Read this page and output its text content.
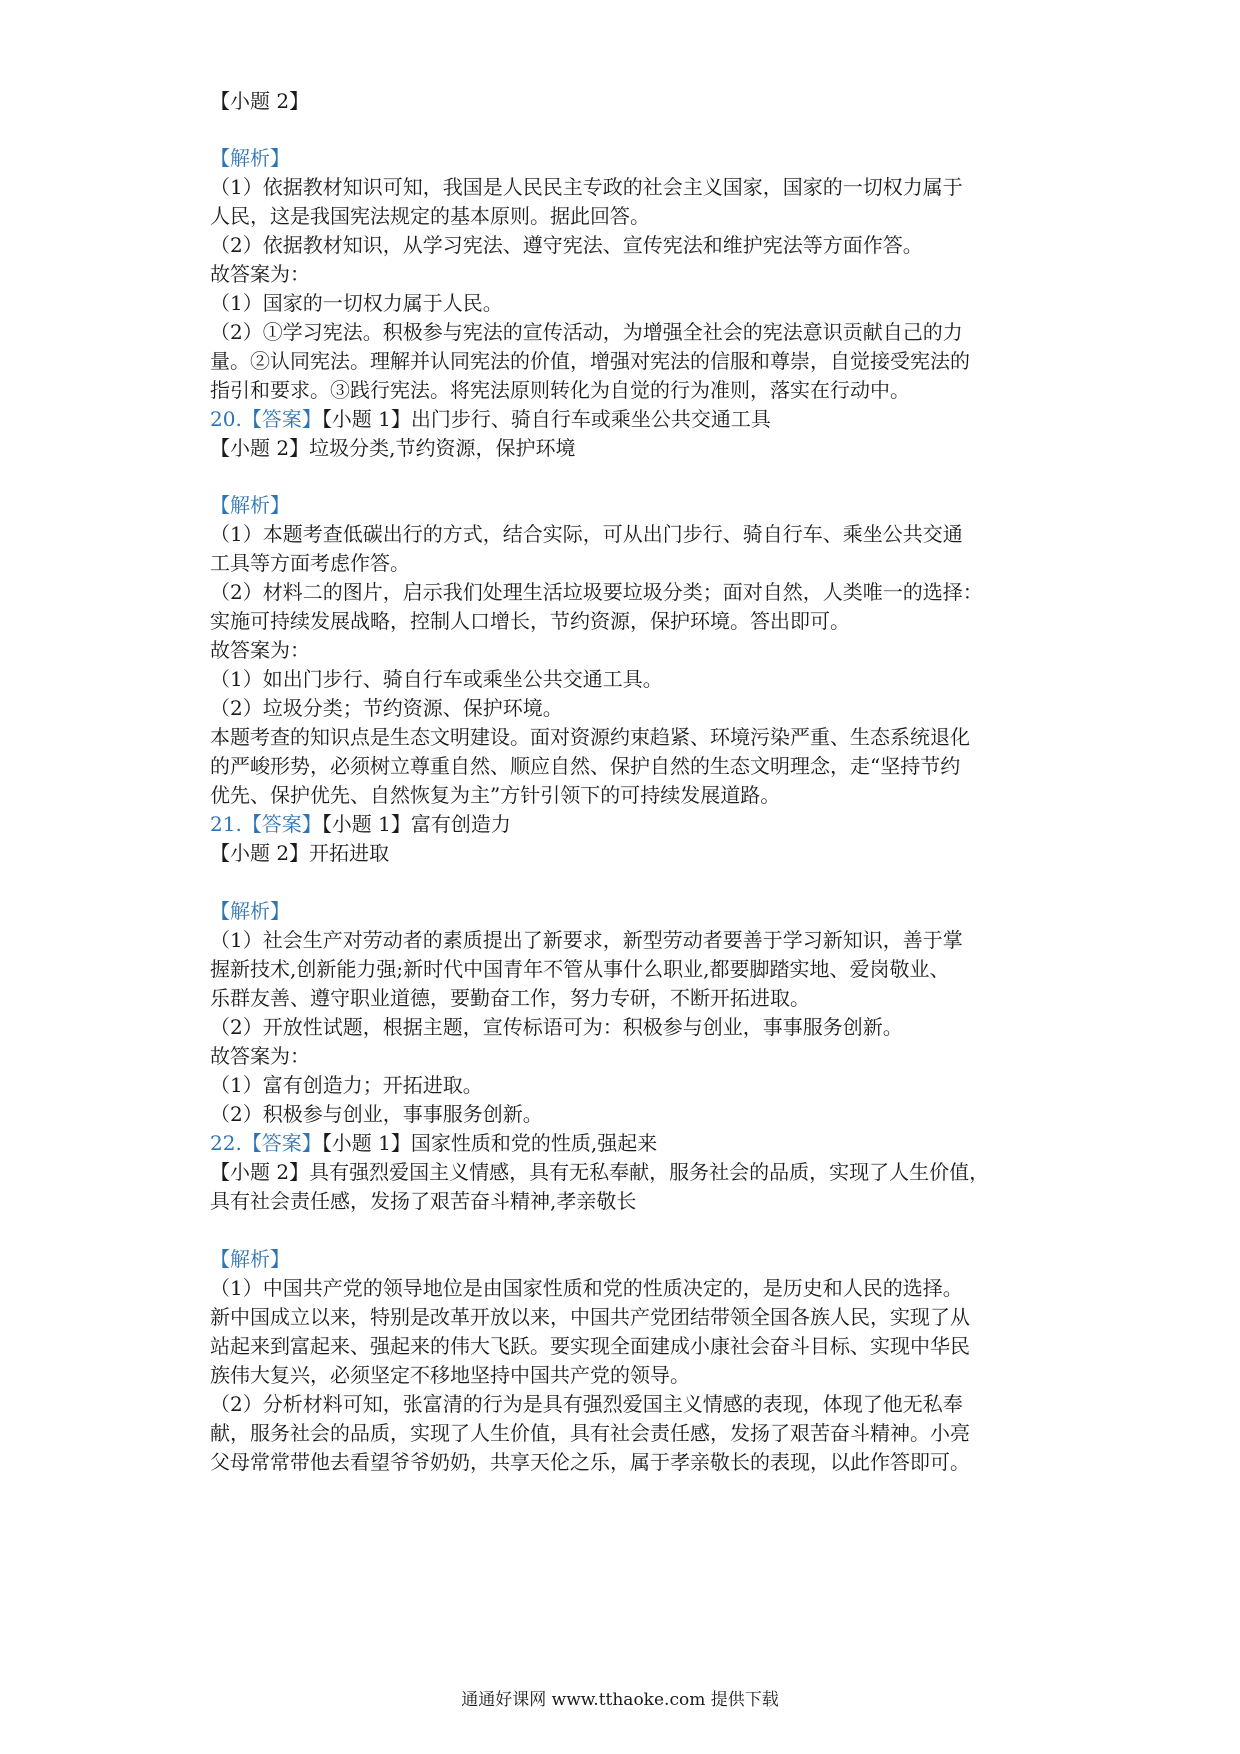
【小题 2】
【解析】
（1）依据教材知识可知，我国是人民民主专政的社会主义国家，国家的一切权力属于
人民，这是我国宪法规定的基本原则。据此回答。
（2）依据教材知识，从学习宪法、遵守宪法、宣传宪法和维护宪法等方面作答。
故答案为：
（1）国家的一切权力属于人民。
（2）①学习宪法。积极参与宪法的宣传活动，为增强全社会的宪法意识贡献自己的力
量。②认同宪法。理解并认同宪法的价值，增强对宪法的信服和尊崇，自觉接受宪法的
指引和要求。③践行宪法。将宪法原则转化为自觉的行为准则，落实在行动中。
20.【答案】【小题 1】出门步行、骑自行车或乘坐公共交通工具
【小题 2】垃圾分类,节约资源，保护环境
【解析】
（1）本题考查低碳出行的方式，结合实际，可从出门步行、骑自行车、乘坐公共交通
工具等方面考虑作答。
（2）材料二的图片，启示我们处理生活垃圾要垃圾分类；面对自然，人类唯一的选择：
实施可持续发展战略，控制人口增长，节约资源，保护环境。答出即可。
故答案为：
（1）如出门步行、骑自行车或乘坐公共交通工具。
（2）垃圾分类；节约资源、保护环境。
本题考查的知识点是生态文明建设。面对资源约束趋紧、环境污染严重、生态系统退化
的严峻形势，必须树立尊重自然、顺应自然、保护自然的生态文明理念，走“坚持节约
优先、保护优先、自然恢复为主”方针引领下的可持续发展道路。
21.【答案】【小题 1】富有创造力
【小题 2】开拓进取
【解析】
（1）社会生产对劳动者的素质提出了新要求，新型劳动者要善于学习新知识，善于掌
握新技术,创新能力强;新时代中国青年不管从事什么职业,都要脚踏实地、爱岗敬业、
乐群友善、遵守职业道德，要勤奋工作，努力专研，不断开拓进取。
（2）开放性试题，根据主题，宣传标语可为：积极参与创业，事事服务创新。
故答案为：
（1）富有创造力；开拓进取。
（2）积极参与创业，事事服务创新。
22.【答案】【小题 1】国家性质和党的性质,强起来
【小题 2】具有强烈爱国主义情感，具有无私奉献，服务社会的品质，实现了人生价值，
具有社会责任感，发扬了艰苦奋斗精神,孝亲敬长
【解析】
（1）中国共产党的领导地位是由国家性质和党的性质决定的，是历史和人民的选择。
新中国成立以来，特别是改革开放以来，中国共产党团结带领全国各族人民，实现了从
站起来到富起来、强起来的伟大飞跃。要实现全面建成小康社会奋斗目标、实现中华民
族伟大复兴，必须坚定不移地坚持中国共产党的领导。
（2）分析材料可知，张富清的行为是具有强烈爱国主义情感的表现，体现了他无私奉
献，服务社会的品质，实现了人生价值，具有社会责任感，发扬了艰苦奋斗精神。小亮
父母常常带他去看望爷爷奶奶，共享天伦之乐，属于孝亲敬长的表现，以此作答即可。
通通好课网 www.tthaoke.com 提供下载
